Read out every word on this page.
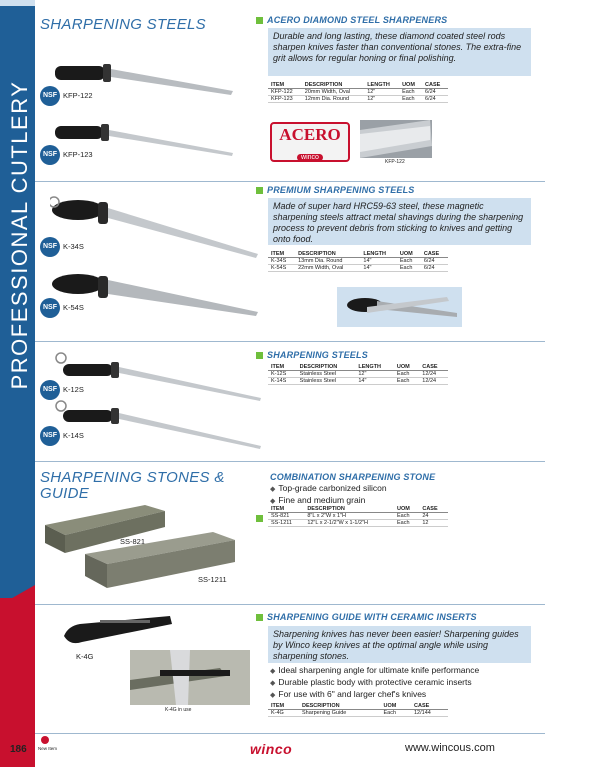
PROFESSIONAL CUTLERY
SHARPENING STEELS
NSF KFP-122
NSF KFP-123
ACERO DIAMOND STEEL SHARPENERS
Durable and long lasting, these diamond coated steel rods sharpen knives faster than conventional stones. The extra-fine grit allows for regular honing or final polishing.
ITEM	DESCRIPTION	LENGTH	UOM	CASE
KFP-122	20mm Width, Oval	12"	Each	6/24
KFP-123	12mm Dia. Round	12"	Each	6/24
ACERO
winco
KFP-122
NSF K-34S
NSF K-54S
PREMIUM SHARPENING STEELS
Made of super hard HRC59-63 steel, these magnetic sharpening steels attract metal shavings during the sharpening process to prevent debris from sticking to knives and getting onto food.
ITEM	DESCRIPTION	LENGTH	UOM	CASE
K-34S	13mm Dia. Round	14"	Each	6/24
K-54S	22mm Width, Oval	14"	Each	6/24
NSF K-12S
NSF K-14S
SHARPENING STEELS
ITEM	DESCRIPTION	LENGTH	UOM	CASE
K-12S	Stainless Steel	12"	Each	12/24
K-14S	Stainless Steel	14"	Each	12/24
SHARPENING STONES &
GUIDE
SS-821
SS-1211
COMBINATION SHARPENING STONE
◆ Top-grade carbonized silicon
◆ Fine and medium grain
ITEM	DESCRIPTION	UOM	CASE
SS-821	8"L x 2"W x 1"H	Each	24
SS-1211	12"L x 2-1/2"W x 1-1/2"H	Each	12
K-4G
K-4G in use
SHARPENING GUIDE WITH CERAMIC INSERTS
Sharpening knives has never been easier! Sharpening guides by Winco keep knives at the optimal angle while using sharpening stones.
◆ Ideal sharpening angle for ultimate knife performance
◆ Durable plastic body with protective ceramic inserts
◆ For use with 6" and larger chef's knives
ITEM	DESCRIPTION	UOM	CASE
K-4G	Sharpening Guide	Each	12/144
186	New Item	winco	www.wincous.com
